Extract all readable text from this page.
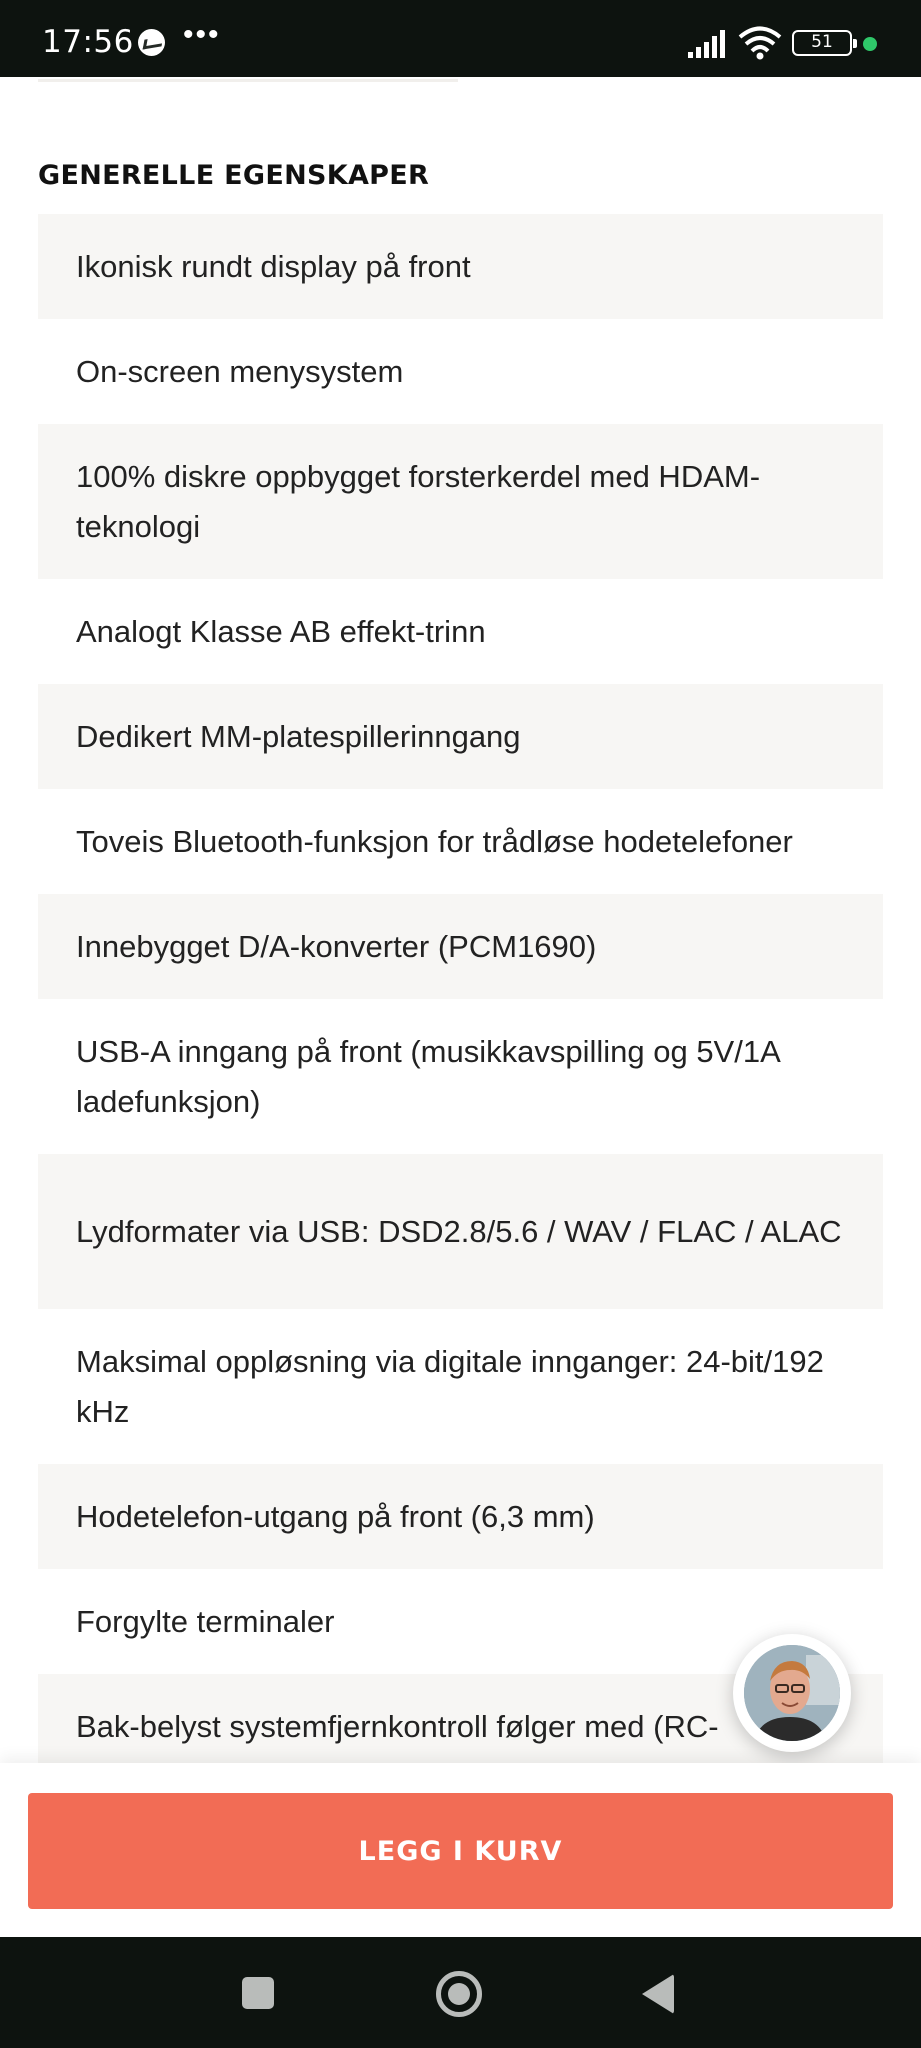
17:56 •••	51
GENERELLE EGENSKAPER
Ikonisk rundt display på front
On-screen menysystem
100% diskre oppbygget forsterkerdel med HDAM-teknologi
Analogt Klasse AB effekt-trinn
Dedikert MM-platespillerinngang
Toveis Bluetooth-funksjon for trådløse hodetelefoner
Innebygget D/A-konverter (PCM1690)
USB-A inngang på front (musikkavspilling og 5V/1A ladefunksjon)
Lydformater via USB: DSD2.8/5.6 / WAV / FLAC / ALAC
Maksimal oppløsning via digitale innganger: 24-bit/192 kHz
Hodetelefon-utgang på front (6,3 mm)
Forgylte terminaler
Bak-belyst systemfjernkontroll følger med (RC-
LEGG I KURV
